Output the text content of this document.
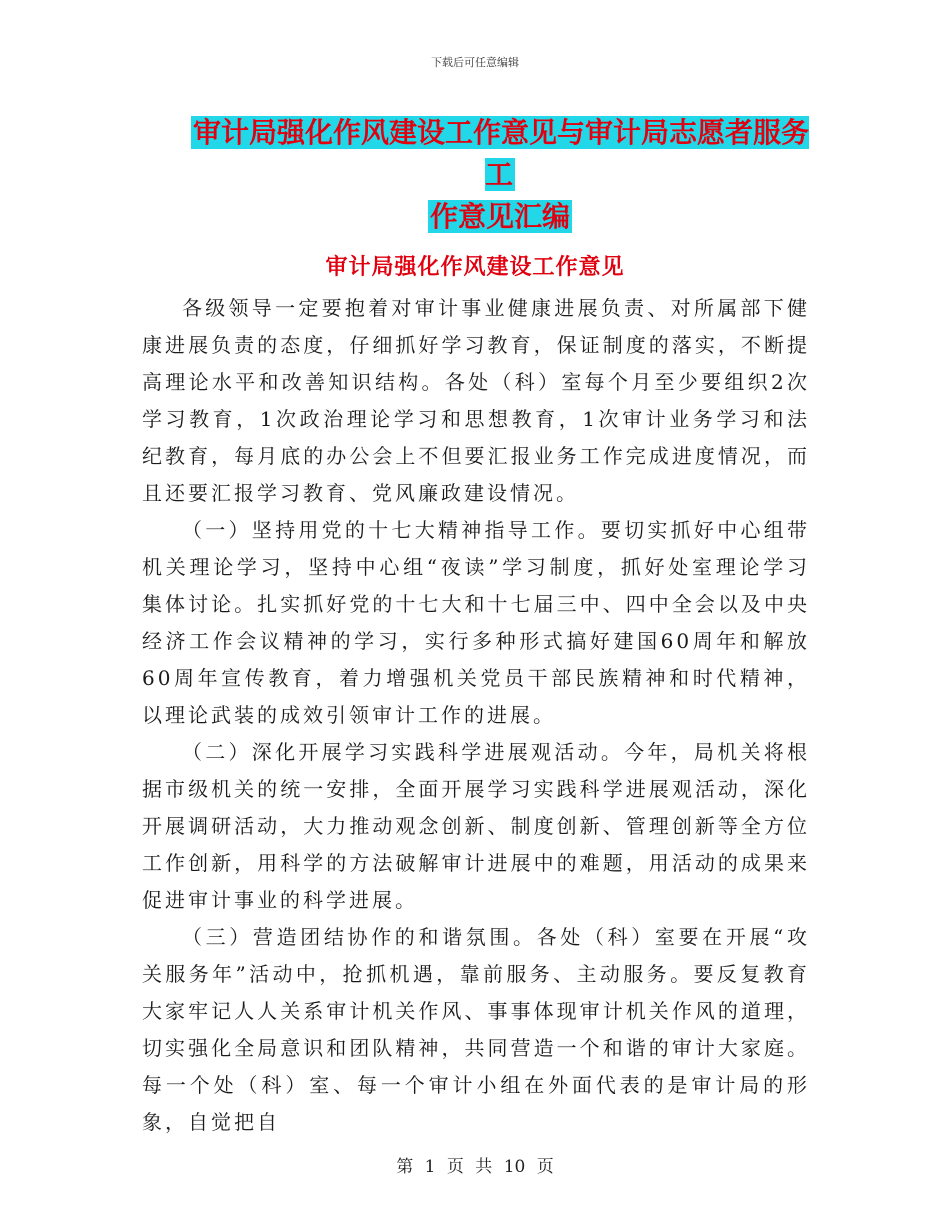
下载后可任意编辑
审计局强化作风建设工作意见与审计局志愿者服务工
作意见汇编
审计局强化作风建设工作意见

各级领导一定要抱着对审计事业健康进展负责、对所属部下健康进展负责的态度，仔细抓好学习教育，保证制度的落实，不断提高理论水平和改善知识结构。各处（科）室每个月至少要组织2次学习教育，1次政治理论学习和思想教育，1次审计业务学习和法纪教育，每月底的办公会上不但要汇报业务工作完成进度情况，而且还要汇报学习教育、党风廉政建设情况。

（一）坚持用党的十七大精神指导工作。要切实抓好中心组带机关理论学习，坚持中心组“夜读”学习制度，抓好处室理论学习集体讨论。扎实抓好党的十七大和十七届三中、四中全会以及中央经济工作会议精神的学习，实行多种形式搞好建国60周年和解放60周年宣传教育，着力增强机关党员干部民族精神和时代精神，以理论武装的成效引领审计工作的进展。

（二）深化开展学习实践科学进展观活动。今年，局机关将根据市级机关的统一安排，全面开展学习实践科学进展观活动，深化开展调研活动，大力推动观念创新、制度创新、管理创新等全方位工作创新，用科学的方法破解审计进展中的难题，用活动的成果来促进审计事业的科学进展。

（三）营造团结协作的和谐氛围。各处（科）室要在开展“攻关服务年”活动中，抢抓机遇，靠前服务、主动服务。要反复教育大家牢记人人关系审计机关作风、事事体现审计机关作风的道理，切实强化全局意识和团队精神，共同营造一个和谐的审计大家庭。每一个处（科）室、每一个审计小组在外面代表的是审计局的形象，自觉把自

第 1 页 共 10 页
